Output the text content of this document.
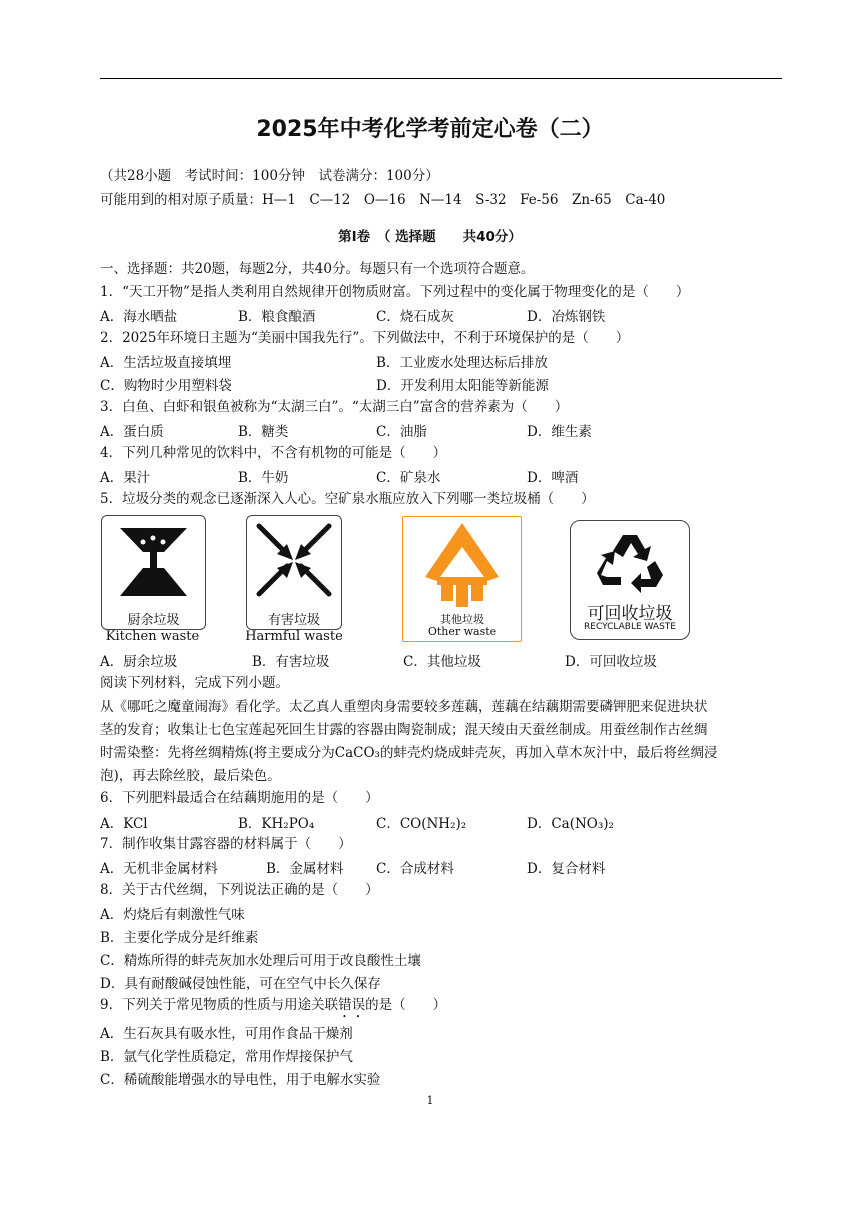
2025年中考化学考前定心卷（二）
（共28小题　考试时间：100分钟　试卷满分：100分）
可能用到的相对原子质量：H—1　C—12　O—16　N—14　S-32　Fe-56　Zn-65　Ca-40
第Ⅰ卷　（ 选择题　　共40分）
一、选择题：共20题，每题2分，共40分。每题只有一个选项符合题意。
1．“天工开物”是指人类利用自然规律开创物质财富。下列过程中的变化属于物理变化的是（　　）
A．海水晒盐	B．粮食酿酒	C．烧石成灰	D．冶炼钢铁
2．2025年环境日主题为“美丽中国我先行”。下列做法中，不利于环境保护的是（　　）
A．生活垃圾直接填埋	B．工业废水处理达标后排放
C．购物时少用塑料袋	D．开发利用太阳能等新能源
3．白鱼、白虾和银鱼被称为“太湖三白”。“太湖三白”富含的营养素为（　　）
A．蛋白质	B．糖类	C．油脂	D．维生素
4．下列几种常见的饮料中，不含有机物的可能是（　　）
A．果汁	B．牛奶	C．矿泉水	D．啤酒
5．垃圾分类的观念已逐渐深入人心。空矿泉水瓶应放入下列哪一类垃圾桶（　　）
厨余垃圾
Kitchen waste
有害垃圾
Harmful waste
其他垃圾
Other waste
可回收垃圾
RECYCLABLE WASTE
A．厨余垃圾	B．有害垃圾	C．其他垃圾	D．可回收垃圾
阅读下列材料，完成下列小题。
从《哪吒之魔童闹海》看化学。太乙真人重塑肉身需要较多莲藕，莲藕在结藕期需要磷钾肥来促进块状
茎的发育；收集让七色宝莲起死回生甘露的容器由陶瓷制成；混天绫由天蚕丝制成。用蚕丝制作古丝绸
时需染整：先将丝绸精炼(将主要成分为CaCO₃的蚌壳灼烧成蚌壳灰，再加入草木灰汁中，最后将丝绸浸
泡)，再去除丝胶，最后染色。
6．下列肥料最适合在结藕期施用的是（　　）
A．KCl	B．KH₂PO₄	C．CO(NH₂)₂	D．Ca(NO₃)₂
7．制作收集甘露容器的材料属于（　　）
A．无机非金属材料	B．金属材料 C．合成材料	D．复合材料
8．关于古代丝绸，下列说法正确的是（　　）
A．灼烧后有刺激性气味
B．主要化学成分是纤维素
C．精炼所得的蚌壳灰加水处理后可用于改良酸性土壤
D．具有耐酸碱侵蚀性能，可在空气中长久保存
9．下列关于常见物质的性质与用途关联错误的是（　　）
A．生石灰具有吸水性，可用作食品干燥剂
B．氩气化学性质稳定，常用作焊接保护气
C．稀硫酸能增强水的导电性，用于电解水实验
1
